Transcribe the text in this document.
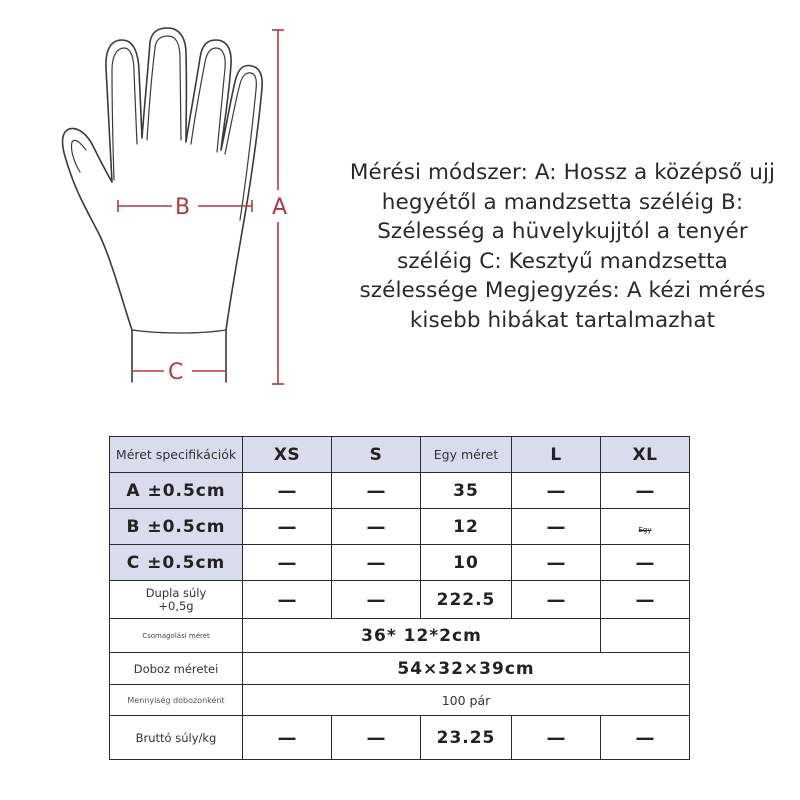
A
B
C
Mérési módszer: A: Hossz a középső ujj
hegyétől a mandzsetta széléig B:
Szélesség a hüvelykujjtól a tenyér
széléig C: Kesztyű mandzsetta
szélessége Megjegyzés: A kézi mérés
kisebb hibákat tartalmazhat
Méret specifikációk	XS	S	Egy méret	L	XL
A ±0.5cm	—	—	35	—	—
B ±0.5cm	—	—	12	—	Egy
C ±0.5cm	—	—	10	—	—

Dupla súly
+0,5g	—	—	222.5	—	—
Csomagolási méret	36* 12*2cm				
Doboz méretei	54×32×39cm				
Mennyiség dobozonként	100 pár				
Bruttó súly/kg	—	—	23.25	—	—
